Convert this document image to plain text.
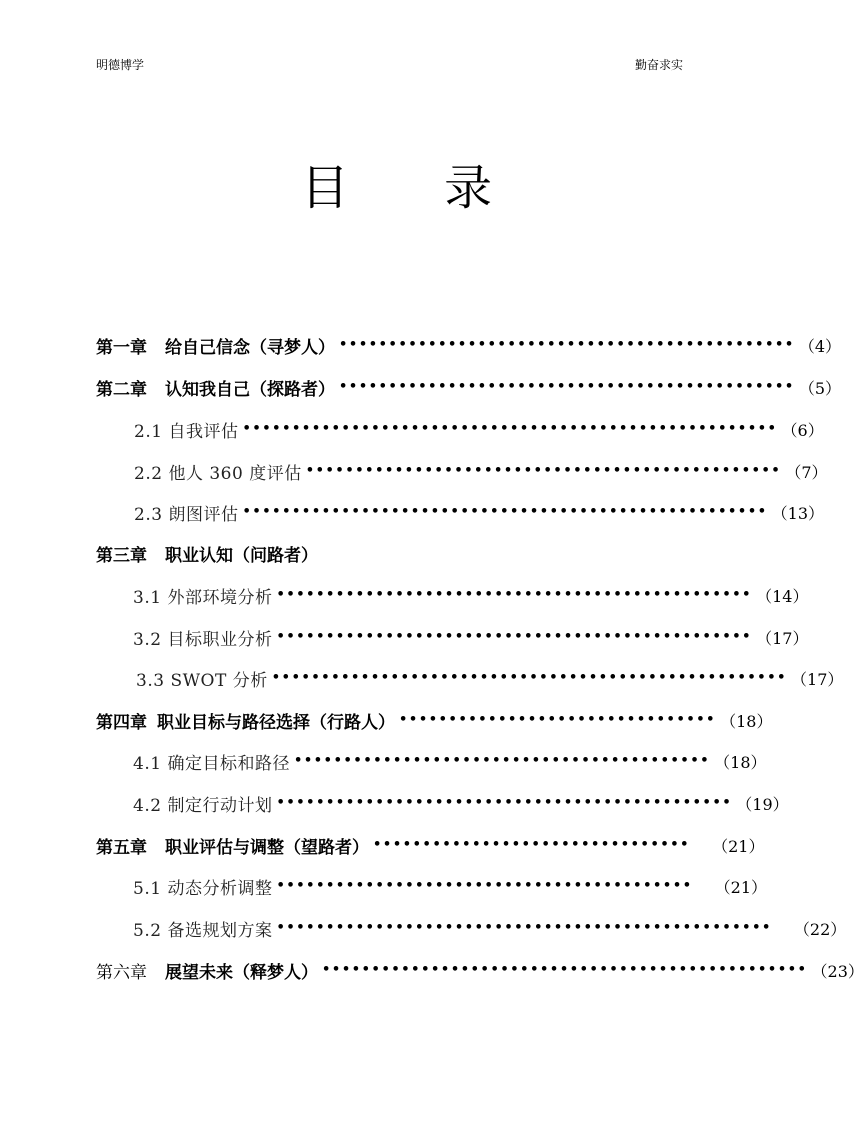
明德博学	勤奋求实
目 录
第一章 给自己信念（寻梦人） •••••••••••••••••••••••••••••••••••••••••••••• （4）
第二章 认知我自己（探路者） •••••••••••••••••••••••••••••••••••••••••••••• （5）
2.1 自我评估 •••••••••••••••••••••••••••••••••••••••••••••••••••••• （6）
2.2 他人 360 度评估 •••••••••••••••••••••••••••••••••••••••••••••••• （7）
2.3 朗图评估 ••••••••••••••••••••••••••••••••••••••••••••••••••••• （13）
第三章 职业认知（问路者）
3.1 外部环境分析 •••••••••••••••••••••••••••••••••••••••••••••••• （14）
3.2 目标职业分析 •••••••••••••••••••••••••••••••••••••••••••••••• （17）
3.3 SWOT 分析 •••••••••••••••••••••••••••••••••••••••••••••••••••• （17）
第四章 职业目标与路径选择（行路人） •••••••••••••••••••••••••••••••• （18）
4.1 确定目标和路径 •••••••••••••••••••••••••••••••••••••••••• （18）
4.2 制定行动计划 •••••••••••••••••••••••••••••••••••••••••••••• （19）
第五章 职业评估与调整（望路者） •••••••••••••••••••••••••••••••• （21）
5.1 动态分析调整 •••••••••••••••••••••••••••••••••••••••••• （21）
5.2 备选规划方案 •••••••••••••••••••••••••••••••••••••••••••••••••• （22）
第六章 展望未来（释梦人） ••••••••••••••••••••••••••••••••••••••••••••••••• （23）
